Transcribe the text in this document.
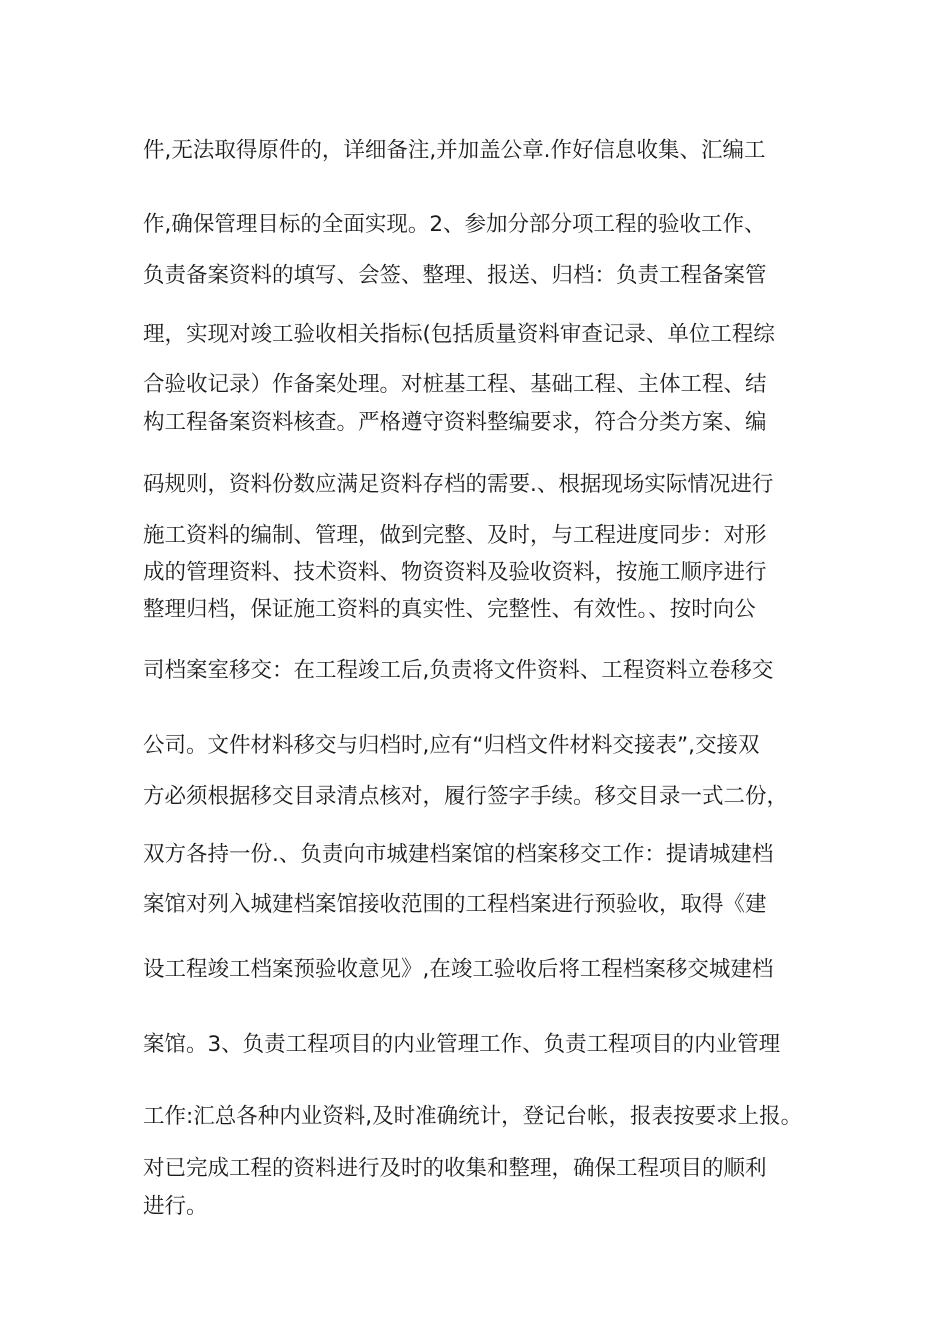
件,无法取得原件的，详细备注,并加盖公章.作好信息收集、汇编工
作,确保管理目标的全面实现。2、参加分部分项工程的验收工作、
负责备案资料的填写、会签、整理、报送、归档：负责工程备案管
理，实现对竣工验收相关指标(包括质量资料审查记录、单位工程综
合验收记录）作备案处理。对桩基工程、基础工程、主体工程、结
构工程备案资料核查。严格遵守资料整编要求，符合分类方案、编
码规则，资料份数应满足资料存档的需要.、根据现场实际情况进行
施工资料的编制、管理，做到完整、及时，与工程进度同步：对形
成的管理资料、技术资料、物资资料及验收资料，按施工顺序进行
整理归档，保证施工资料的真实性、完整性、有效性。、按时向公
司档案室移交：在工程竣工后,负责将文件资料、工程资料立卷移交
公司。文件材料移交与归档时,应有“归档文件材料交接表”,交接双
方必须根据移交目录清点核对，履行签字手续。移交目录一式二份，
双方各持一份.、负责向市城建档案馆的档案移交工作：提请城建档
案馆对列入城建档案馆接收范围的工程档案进行预验收，取得《建
设工程竣工档案预验收意见》,在竣工验收后将工程档案移交城建档
案馆。3、负责工程项目的内业管理工作、负责工程项目的内业管理
工作:汇总各种内业资料,及时准确统计，登记台帐，报表按要求上报。
对已完成工程的资料进行及时的收集和整理，确保工程项目的顺利
进行。
